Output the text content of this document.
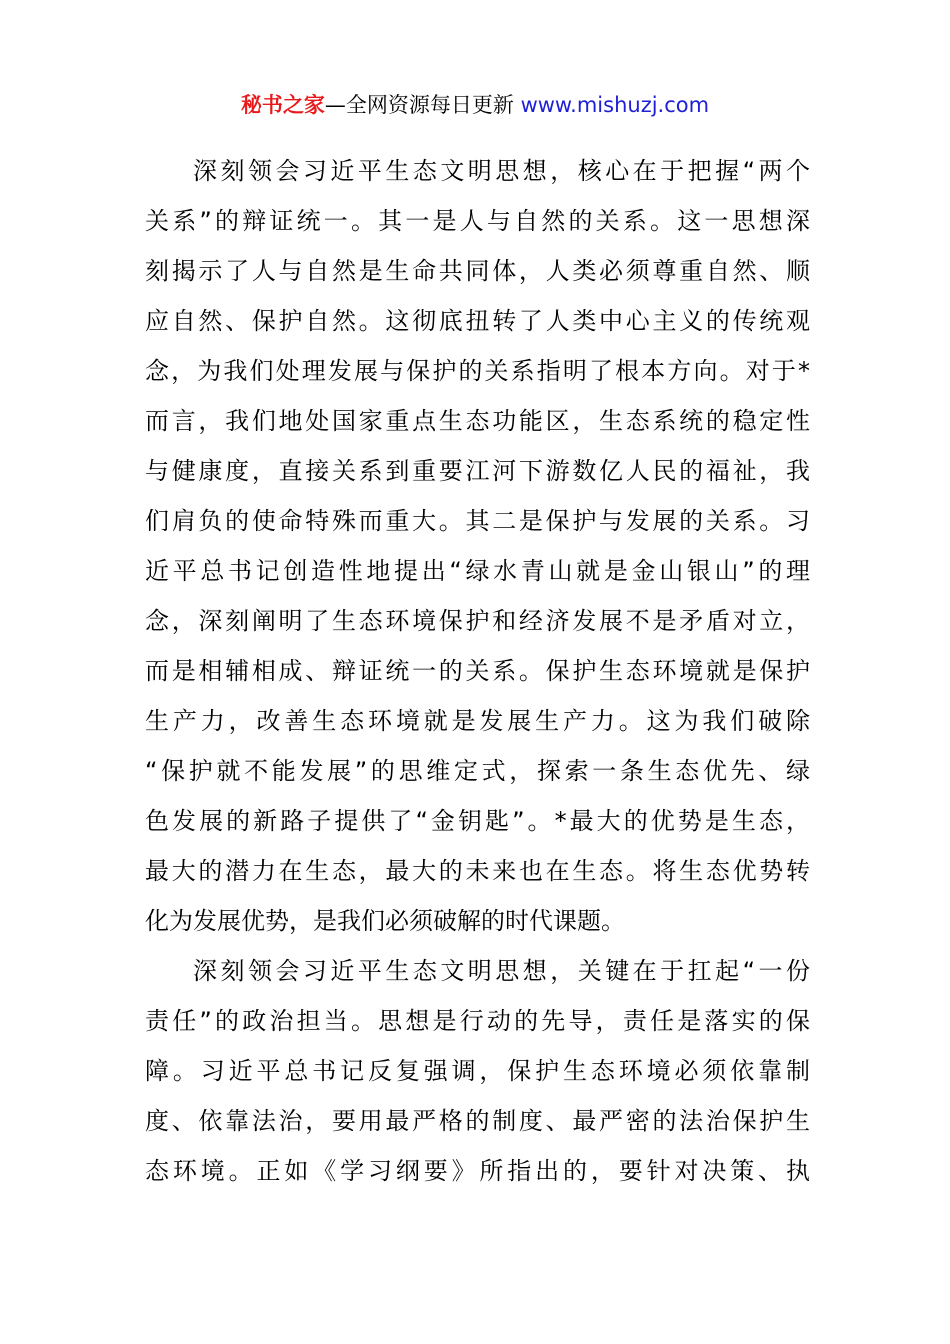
秘书之家—全网资源每日更新 www.mishuzj.com
深刻领会习近平生态文明思想，核心在于把握“两个
关系”的辩证统一。其一是人与自然的关系。这一思想深
刻揭示了人与自然是生命共同体，人类必须尊重自然、顺
应自然、保护自然。这彻底扭转了人类中心主义的传统观
念，为我们处理发展与保护的关系指明了根本方向。对于*
而言，我们地处国家重点生态功能区，生态系统的稳定性
与健康度，直接关系到重要江河下游数亿人民的福祉，我
们肩负的使命特殊而重大。其二是保护与发展的关系。习
近平总书记创造性地提出“绿水青山就是金山银山”的理
念，深刻阐明了生态环境保护和经济发展不是矛盾对立，
而是相辅相成、辩证统一的关系。保护生态环境就是保护
生产力，改善生态环境就是发展生产力。这为我们破除
“保护就不能发展”的思维定式，探索一条生态优先、绿
色发展的新路子提供了“金钥匙”。*最大的优势是生态，
最大的潜力在生态，最大的未来也在生态。将生态优势转
化为发展优势，是我们必须破解的时代课题。
深刻领会习近平生态文明思想，关键在于扛起“一份
责任”的政治担当。思想是行动的先导，责任是落实的保
障。习近平总书记反复强调，保护生态环境必须依靠制
度、依靠法治，要用最严格的制度、最严密的法治保护生
态环境。正如《学习纲要》所指出的，要针对决策、执
